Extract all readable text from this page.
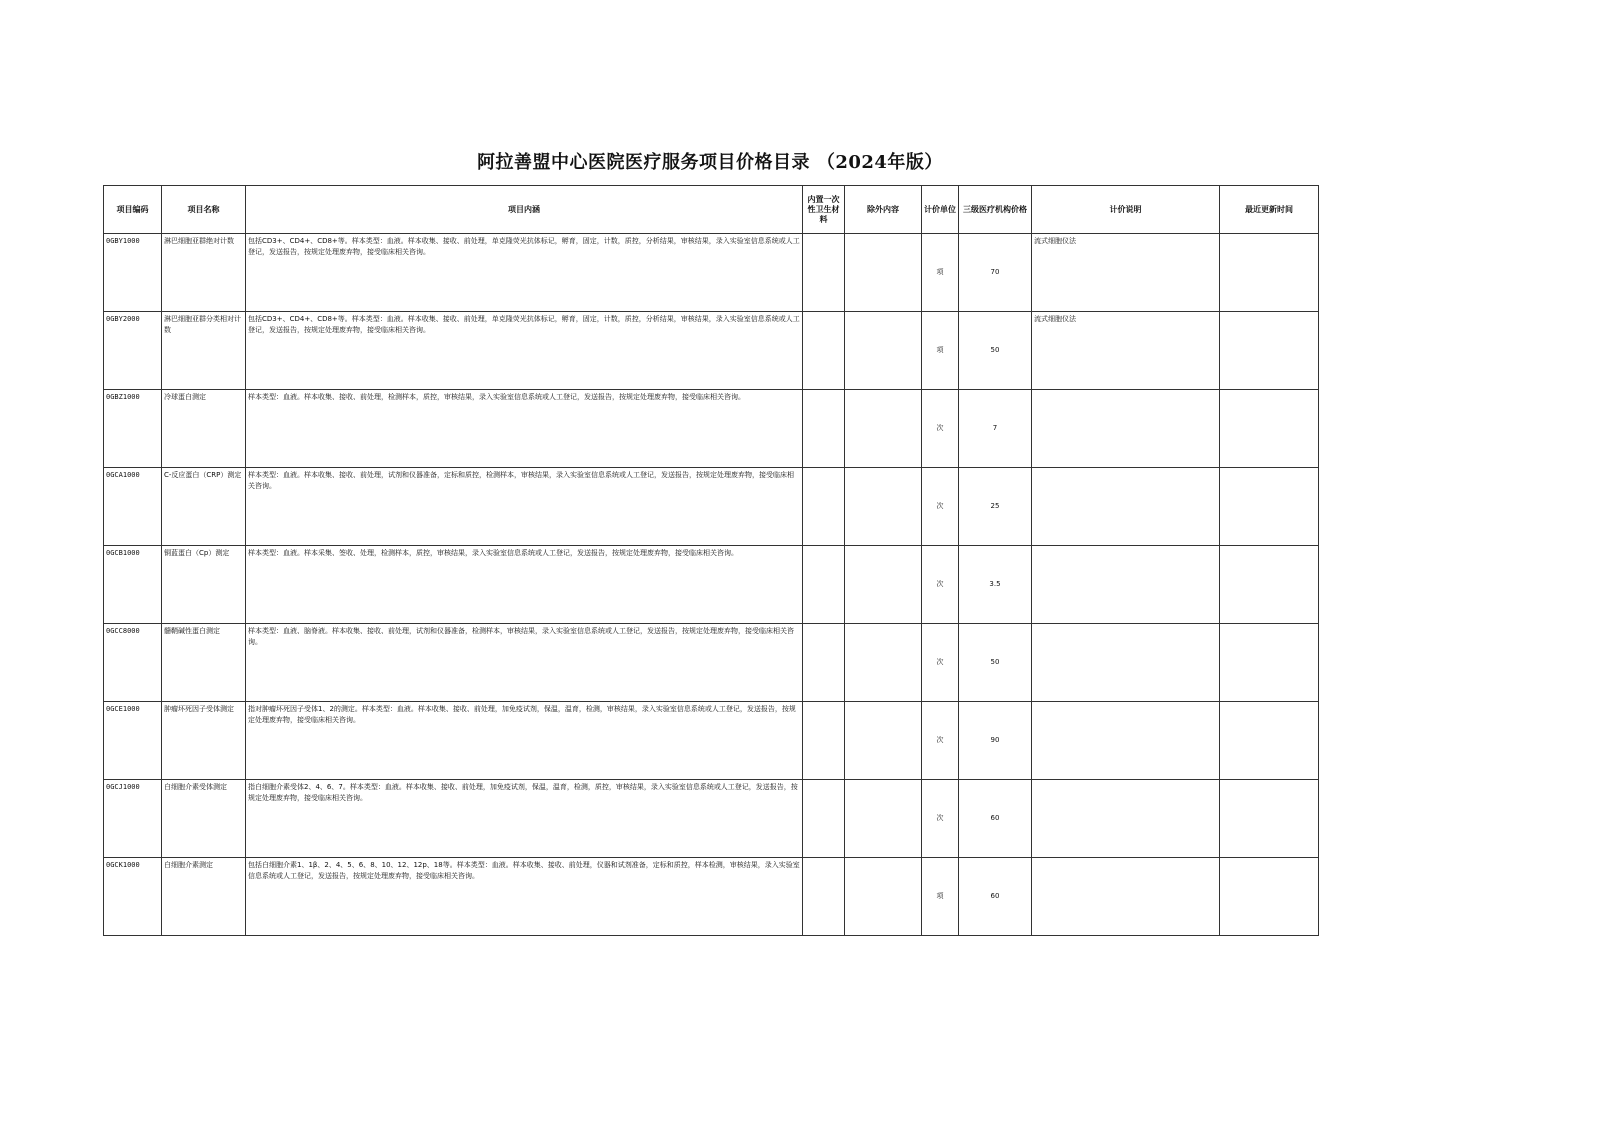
阿拉善盟中心医院医疗服务项目价格目录 （2024年版）
项目编码	项目名称	项目内涵	内置一次性卫生材料	除外内容	计价单位	三级医疗机构价格	计价说明	最近更新时间
0GBY1000	淋巴细胞亚群绝对计数	包括CD3+、CD4+、CD8+等。样本类型：血液。样本收集、接收、前处理，单克隆荧光抗体标记，孵育，固定，计数，质控，分析结果，审核结果，录入实验室信息系统或人工登记，发送报告，按规定处理废弃物，接受临床相关咨询。			项	70	流式细胞仪法	
0GBY2000	淋巴细胞亚群分类相对计数	包括CD3+、CD4+、CD8+等。样本类型：血液。样本收集、接收、前处理，单克隆荧光抗体标记，孵育，固定，计数，质控，分析结果，审核结果，录入实验室信息系统或人工登记，发送报告，按规定处理废弃物，接受临床相关咨询。			项	50	流式细胞仪法	
0GBZ1000	冷球蛋白测定	样本类型：血液。样本收集、接收、前处理，检测样本，质控，审核结果，录入实验室信息系统或人工登记，发送报告，按规定处理废弃物，接受临床相关咨询。			次	7		
0GCA1000	C-反应蛋白（CRP）测定	样本类型：血液。样本收集、接收、前处理，试剂和仪器准备，定标和质控，检测样本，审核结果，录入实验室信息系统或人工登记，发送报告，按规定处理废弃物，接受临床相关咨询。			次	25		
0GCB1000	铜蓝蛋白（Cp）测定	样本类型：血液。样本采集、签收、处理，检测样本，质控，审核结果，录入实验室信息系统或人工登记，发送报告，按规定处理废弃物，接受临床相关咨询。			次	3.5		
0GCC8000	髓鞘碱性蛋白测定	样本类型：血液、脑脊液。样本收集、接收、前处理，试剂和仪器准备，检测样本，审核结果，录入实验室信息系统或人工登记，发送报告，按规定处理废弃物，接受临床相关咨询。			次	50		
0GCE1000	肿瘤坏死因子受体测定	指对肿瘤坏死因子受体1、2的测定。样本类型：血液。样本收集、接收、前处理，加免疫试剂，保温，温育，检测，审核结果，录入实验室信息系统或人工登记，发送报告，按规定处理废弃物，接受临床相关咨询。			次	90		
0GCJ1000	白细胞介素受体测定	指白细胞介素受体2、4、6、7。样本类型：血液。样本收集、接收、前处理，加免疫试剂，保温，温育，检测，质控，审核结果，录入实验室信息系统或人工登记，发送报告，按规定处理废弃物，接受临床相关咨询。			次	60		
0GCK1000	白细胞介素测定	包括白细胞介素1、1β、2、4、5、6、8、10、12、12p、18等。样本类型：血液。样本收集、接收、前处理，仪器和试剂准备，定标和质控，样本检测，审核结果，录入实验室信息系统或人工登记，发送报告，按规定处理废弃物，接受临床相关咨询。			项	60		
